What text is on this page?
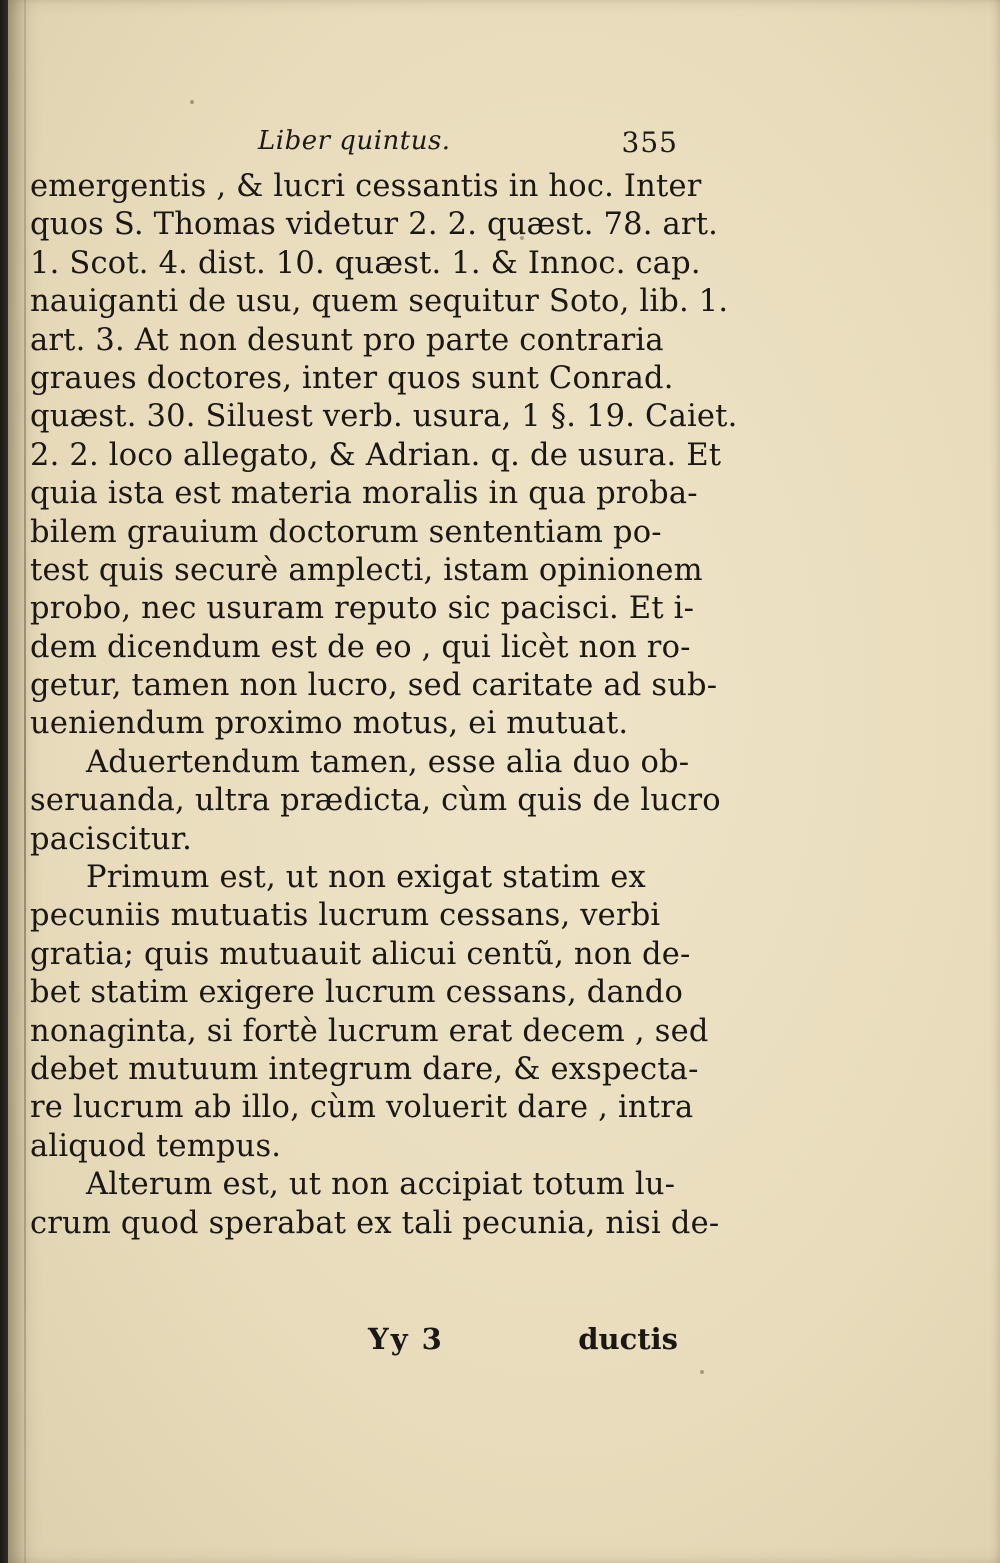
Liber quintus.	355
emergentis , & lucri cessantis in hoc. Inter
quos S. Thomas videtur 2. 2. quæst. 78. art.
1. Scot. 4. dist. 10. quæst. 1. & Innoc. cap.
nauiganti de usu, quem sequitur Soto, lib. 1.
art. 3. At non desunt pro parte contraria
graues doctores, inter quos sunt Conrad.
quæst. 30. Siluest verb. usura, 1 §. 19. Caiet.
2. 2. loco allegato, & Adrian. q. de usura. Et
quia ista est materia moralis in qua proba-
bilem grauium doctorum sententiam po-
test quis securè amplecti, istam opinionem
probo, nec usuram reputo sic pacisci. Et i-
dem dicendum est de eo , qui licèt non ro-
getur, tamen non lucro, sed caritate ad sub-
ueniendum proximo motus, ei mutuat.
Aduertendum tamen, esse alia duo ob-
seruanda, ultra prædicta, cùm quis de lucro
paciscitur.
Primum est, ut non exigat statim ex
pecuniis mutuatis lucrum cessans, verbi
gratia; quis mutuauit alicui centũ, non de-
bet statim exigere lucrum cessans, dando
nonaginta, si fortè lucrum erat decem , sed
debet mutuum integrum dare, & exspecta-
re lucrum ab illo, cùm voluerit dare , intra
aliquod tempus.
Alterum est, ut non accipiat totum lu-
crum quod sperabat ex tali pecunia, nisi de-
Yy 3	ductis
